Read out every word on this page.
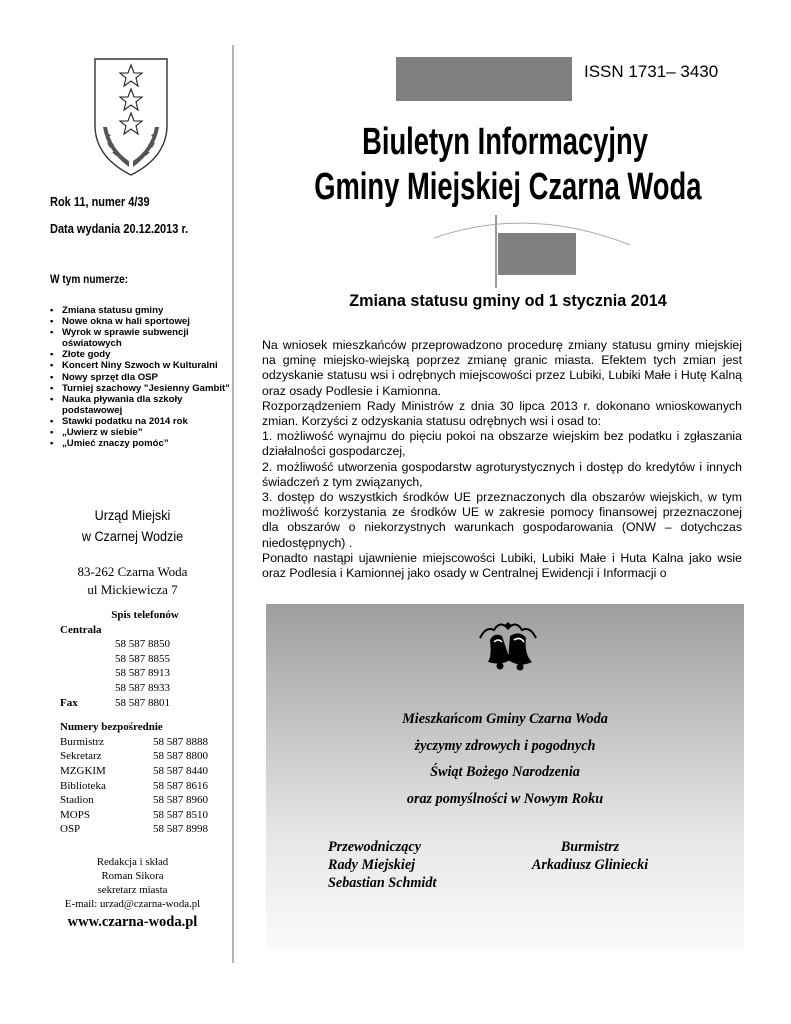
Rok 11, numer 4/39
Data wydania 20.12.2013 r.
W tym numerze:
• Zmiana statusu gminy
• Nowe okna w hali sportowej
• Wyrok w sprawie subwencji oświatowych
• Złote gody
• Koncert Niny Szwoch w Kulturalni
• Nowy sprzęt dla OSP
• Turniej szachowy "Jesienny Gambit"
• Nauka pływania dla szkoły podstawowej
• Stawki podatku na 2014 rok
• „Uwierz w siebie”
• „Umieć znaczy pomóc”
Urząd Miejski
w Czarnej Wodzie
83-262 Czarna Woda
ul Mickiewicza 7
Spis telefonów
Centrala
58 587 8850
58 587 8855
58 587 8913
58 587 8933
Fax	58 587 8801
Numery bezpośrednie
Burmistrz	58 587 8888
Sekretarz	58 587 8800
MZGKIM	58 587 8440
Biblioteka	58 587 8616
Stadion	58 587 8960
MOPS	58 587 8510
OSP	58 587 8998
Redakcja i skład
Roman Sikora
sekretarz miasta
E-mail: urzad@czarna-woda.pl
www.czarna-woda.pl
ISSN 1731– 3430
Biuletyn Informacyjny
Gminy Miejskiej Czarna Woda
Zmiana statusu gminy od 1 stycznia 2014

Na wniosek mieszkańców przeprowadzono procedurę zmiany statusu gminy miejskiej na gminę miejsko-wiejską poprzez zmianę granic miasta. Efektem tych zmian jest odzyskanie statusu wsi i odrębnych miejscowości przez Lubiki, Lubiki Małe i Hutę Kalną oraz osady Podlesie i Kamionna.

Rozporządzeniem Rady Ministrów z dnia 30 lipca 2013 r. dokonano wnioskowanych zmian. Korzyści z odzyskania statusu odrębnych wsi i osad to:

1. możliwość wynajmu do pięciu pokoi na obszarze wiejskim bez podatku i zgłaszania działalności gospodarczej,

2. możliwość utworzenia gospodarstw agroturystycznych i dostęp do kredytów i innych świadczeń z tym związanych,

3. dostęp do wszystkich środków UE przeznaczonych dla obszarów wiejskich, w tym możliwość korzystania ze środków UE w zakresie pomocy finansowej przeznaczonej dla obszarów o niekorzystnych warunkach gospodarowania (ONW – dotychczas niedostępnych) .

Ponadto nastąpi ujawnienie miejscowości Lubiki, Lubiki Małe i Huta Kalna jako wsie oraz Podlesia i Kamionnej jako osady w Centralnej Ewidencji i Informacji o

Mieszkańcom Gminy Czarna Woda
życzymy zdrowych i pogodnych
Świąt Bożego Narodzenia
oraz pomyślności w Nowym Roku
Przewodniczący
Rady Miejskiej
Sebastian Schmidt
Burmistrz
Arkadiusz Gliniecki
